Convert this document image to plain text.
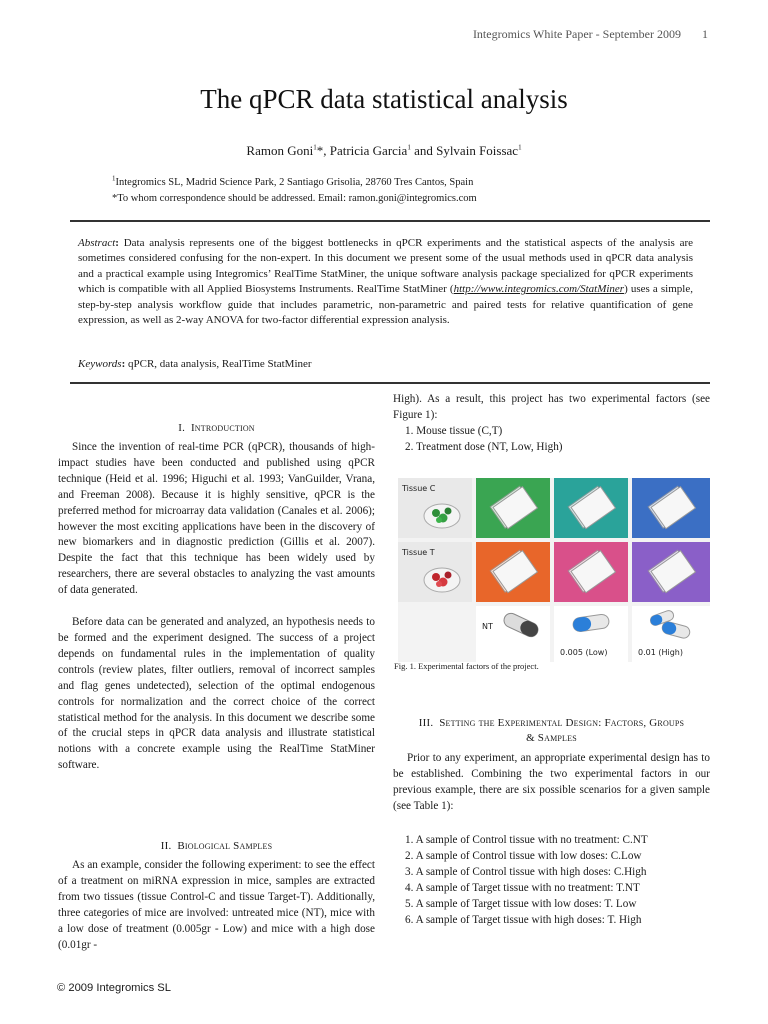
Integromics White Paper - September 2009 1
The qPCR data statistical analysis
Ramon Goni$^1$*, Patricia Garcia$^1$ and Sylvain Foissac$^1$
$^1$Integromics SL, Madrid Science Park, 2 Santiago Grisolia, 28760 Tres Cantos, Spain
*To whom correspondence should be addressed. Email: ramon.goni@integromics.com
Abstract: Data analysis represents one of the biggest bottlenecks in qPCR experiments and the statistical aspects of the analysis are sometimes considered confusing for the non-expert. In this document we present some of the usual methods used in qPCR data analysis and a practical example using Integromics’ RealTime StatMiner, the unique software analysis package specialized for qPCR experiments which is compatible with all Applied Biosystems Instruments. RealTime StatMiner (http://www.integromics.com/StatMiner) uses a simple, step-by-step analysis workflow guide that includes parametric, non-parametric and paired tests for relative quantification of gene expression, as well as 2-way ANOVA for two-factor differential expression analysis.
Keywords: qPCR, data analysis, RealTime StatMiner
I. Introduction

Since the invention of real-time PCR (qPCR), thousands of high-impact studies have been conducted and published using qPCR technique (Heid et al. 1996; Higuchi et al. 1993; VanGuilder, Vrana, and Freeman 2008). Because it is highly sensitive, qPCR is the preferred method for microarray data validation (Canales et al. 2006); however the most exciting applications have been in the discovery of new biomarkers and in diagnostic prediction (Gillis et al. 2007). Despite the fact that this technique has been widely used by researchers, there are several obstacles to analyzing the vast amounts of data generated.

Before data can be generated and analyzed, an hypothesis needs to be formed and the experiment designed. The success of a project depends on fundamental rules in the implementation of quality controls (review plates, filter outliers, removal of incorrect samples and flag genes undetected), selection of the optimal endogenous controls for normalization and the correct choice of the correct statistical method for the analysis. In this document we describe some of the crucial steps in qPCR data analysis and illustrate statistical notions with a concrete example using the RealTime StatMiner software.

II. Biological Samples

As an example, consider the following experiment: to see the effect of a treatment on miRNA expression in mice, samples are extracted from two tissues (tissue Control-C and tissue Target-T). Additionally, three categories of mice are involved: untreated mice (NT), mice with a low dose of treatment (0.005gr - Low) and mice with a high dose (0.01gr -

High). As a result, this project has two experimental factors (see Figure 1):

1. Mouse tissue (C,T)
2. Treatment dose (NT, Low, High)
Tissue C
Tissue T
NT
0.005 (Low)	0.01 (High)
Fig. 1. Experimental factors of the project.
III. Setting the Experimental Design: Factors, Groups
& Samples

Prior to any experiment, an appropriate experimental design has to be established. Combining the two experimental factors in our previous example, there are six possible scenarios for a given sample (see Table 1):

1. A sample of Control tissue with no treatment: C.NT
2. A sample of Control tissue with low doses: C.Low
3. A sample of Control tissue with high doses: C.High
4. A sample of Target tissue with no treatment: T.NT
5. A sample of Target tissue with low doses: T. Low
6. A sample of Target tissue with high doses: T. High
© 2009 Integromics SL
